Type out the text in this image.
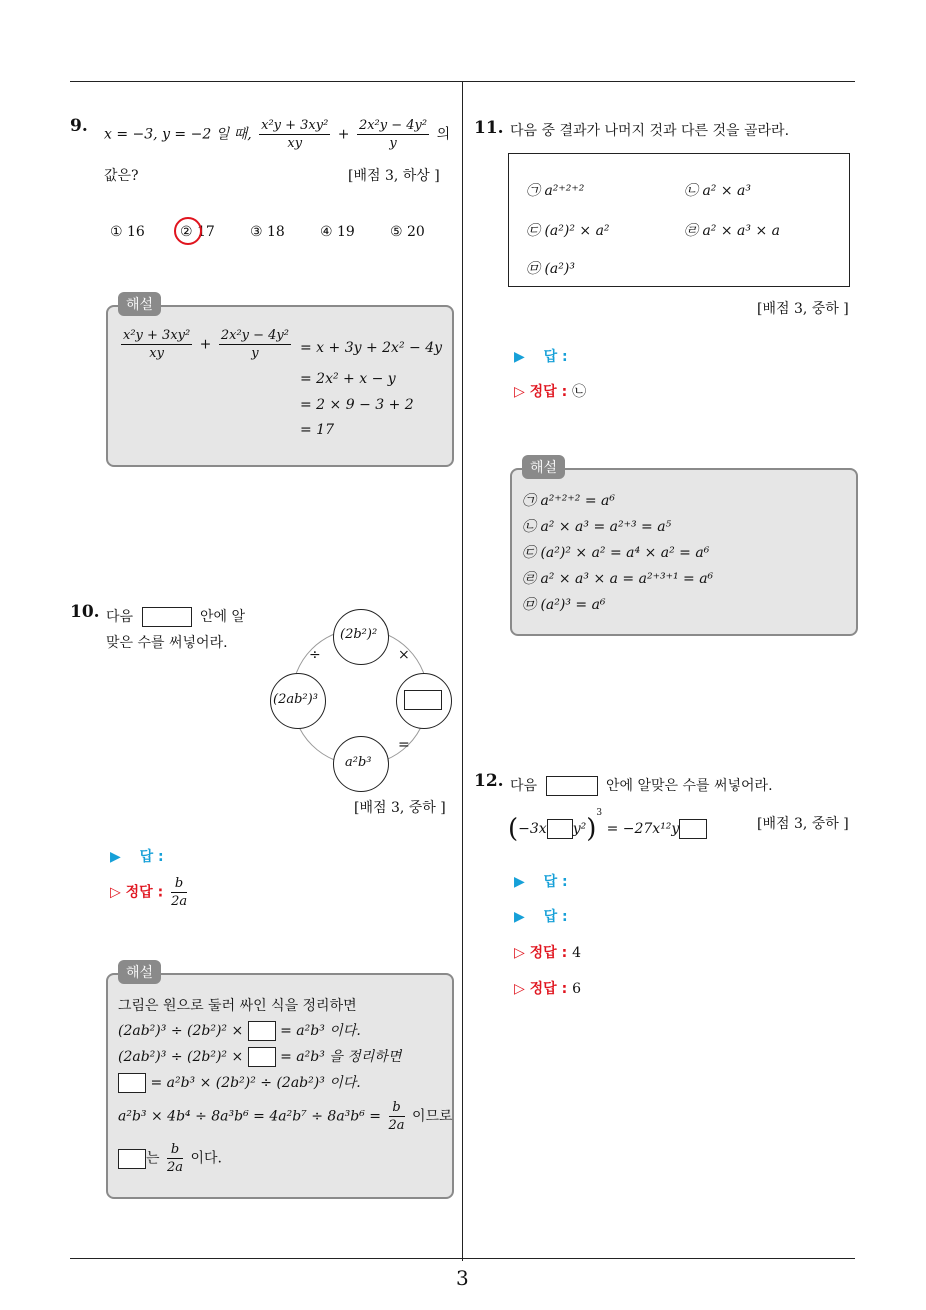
3
9. x = −3, y = −2 일 때, $\frac{\text{x²y + 3xy²}}{xy} + \frac{\text{2x²y − 4y²}}{y}$ 의
값은?	[배점 3, 하상 ]
① 16	② 17	③ 18	④ 19	⑤ 20
해설
$\frac{\text{x²y + 3xy²}}{xy} + \frac{\text{2x²y − 4y²}}{y} = x + 3y + 2x^2 - 4y$
= 2x² + x − y
= 2 × 9 − 3 + 2
= 17
10. 다음	안에 알
맞은 수를 써넣어라.
(2b²)²
(2ab²)³
a²b³
÷	×
=
[배점 3, 중하 ]
▶ 답 :
▷ 정답 : $\frac{b}{2a}$
해설
그림은 원으로 둘러 싸인 식을 정리하면
(2ab²)³ ÷ (2b²)² ×	= a²b³ 이다.
(2ab²)³ ÷ (2b²)² ×	= a²b³ 을 정리하면
= a²b³ × (2b²)² ÷ (2ab²)³ 이다.
$a^2b^3 \times 4b^4 \div 8a^3b^6 = 4a^2b^7 \div 8a^3b^6 = \frac{b}{2a}$ 이므로
는 $\frac{b}{2a}$ 이다.
11. 다음 중 결과가 나머지 것과 다른 것을 골라라.
㉠ a²⁺²⁺²	㉡ a² × a³
㉢ (a²)² × a²	㉣ a² × a³ × a
㉤ (a²)³
[배점 3, 중하 ]
▶ 답 :
▷ 정답 : ㉡
해설
㉠ a²⁺²⁺² = a⁶
㉡ a² × a³ = a²⁺³ = a⁵
㉢ (a²)² × a² = a⁴ × a² = a⁶
㉣ a² × a³ × a = a²⁺³⁺¹ = a⁶
㉤ (a²)³ = a⁶
12. 다음	안에 알맞은 수를 써넣어라.
(−3x y²)$^3$ = −27x¹²y	[배점 3, 중하 ]
▶ 답 :
▶ 답 :
▷ 정답 : 4
▷ 정답 : 6
